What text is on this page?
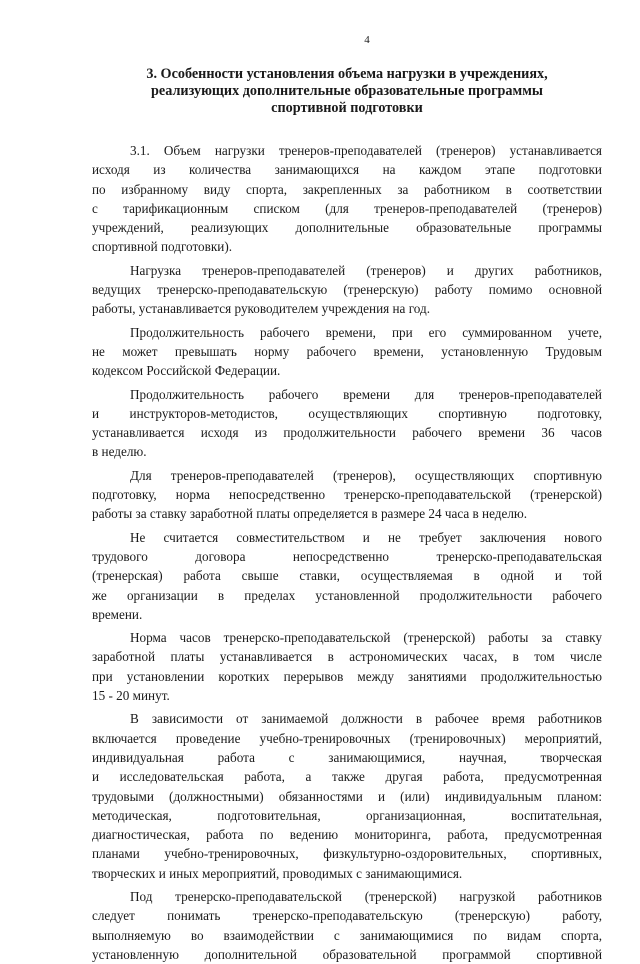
4
3. Особенности установления объема нагрузки в учреждениях,
реализующих дополнительные образовательные программы
спортивной подготовки
3.1. Объем нагрузки тренеров-преподавателей (тренеров) устанавливается
исходя из количества занимающихся на каждом этапе подготовки
по избранному виду спорта, закрепленных за работником в соответствии
с тарификационным списком (для тренеров-преподавателей (тренеров)
учреждений, реализующих дополнительные образовательные программы
спортивной подготовки).
Нагрузка тренеров-преподавателей (тренеров) и других работников,
ведущих тренерско-преподавательскую (тренерскую) работу помимо основной
работы, устанавливается руководителем учреждения на год.
Продолжительность рабочего времени, при его суммированном учете,
не может превышать норму рабочего времени, установленную Трудовым
кодексом Российской Федерации.
Продолжительность рабочего времени для тренеров-преподавателей
и инструкторов-методистов, осуществляющих спортивную подготовку,
устанавливается исходя из продолжительности рабочего времени 36 часов
в неделю.
Для тренеров-преподавателей (тренеров), осуществляющих спортивную
подготовку, норма непосредственно тренерско-преподавательской (тренерской)
работы за ставку заработной платы определяется в размере 24 часа в неделю.
Не считается совместительством и не требует заключения нового
трудового договора непосредственно тренерско-преподавательская
(тренерская) работа свыше ставки, осуществляемая в одной и той
же организации в пределах установленной продолжительности рабочего
времени.
Норма часов тренерско-преподавательской (тренерской) работы за ставку
заработной платы устанавливается в астрономических часах, в том числе
при установлении коротких перерывов между занятиями продолжительностью
15 - 20 минут.
В зависимости от занимаемой должности в рабочее время работников
включается проведение учебно-тренировочных (тренировочных) мероприятий,
индивидуальная работа с занимающимися, научная, творческая
и исследовательская работа, а также другая работа, предусмотренная
трудовыми (должностными) обязанностями и (или) индивидуальным планом:
методическая, подготовительная, организационная, воспитательная,
диагностическая, работа по ведению мониторинга, работа, предусмотренная
планами учебно-тренировочных, физкультурно-оздоровительных, спортивных,
творческих и иных мероприятий, проводимых с занимающимися.
Под тренерско-преподавательской (тренерской) нагрузкой работников
следует понимать тренерско-преподавательскую (тренерскую) работу,
выполняемую во взаимодействии с занимающимися по видам спорта,
установленную дополнительной образовательной программой спортивной
